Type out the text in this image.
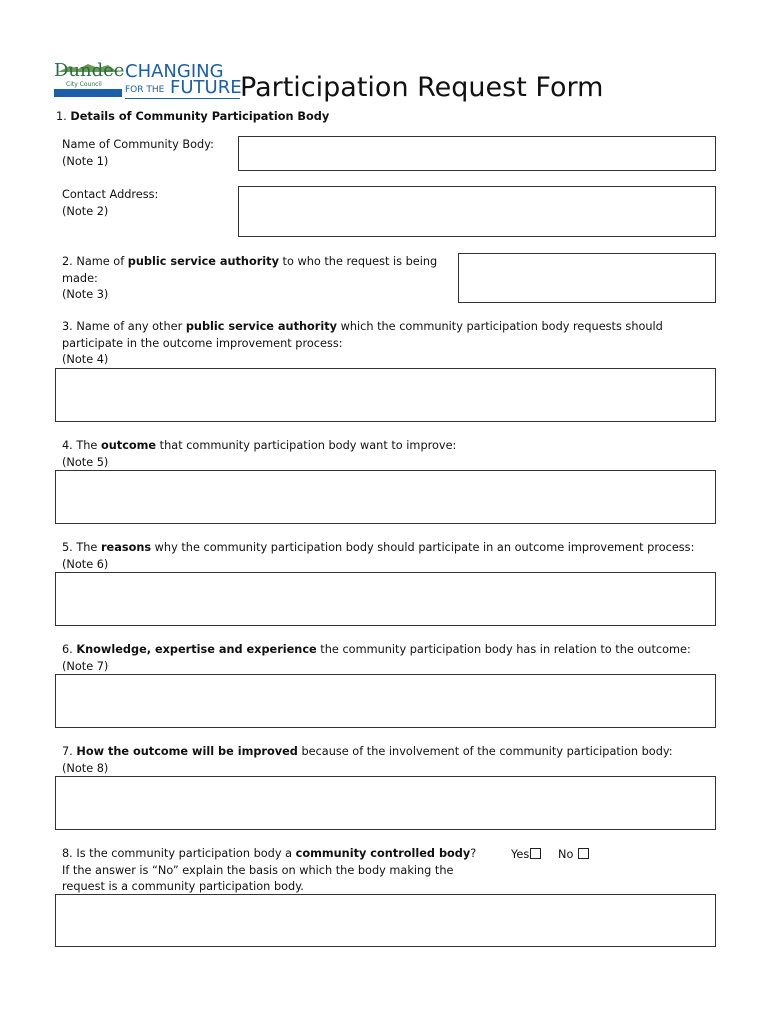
Dundee
City Council
CHANGING
FOR THE FUTURE
Participation Request Form
1. Details of Community Participation Body
Name of Community Body:
(Note 1)
Contact Address:
(Note 2)
2. Name of public service authority to who the request is being
made:
(Note 3)
3. Name of any other public service authority which the community participation body requests should
participate in the outcome improvement process:
(Note 4)
4. The outcome that community participation body want to improve:
(Note 5)
5. The reasons why the community participation body should participate in an outcome improvement process:
(Note 6)
6. Knowledge, expertise and experience the community participation body has in relation to the outcome:
(Note 7)
7. How the outcome will be improved because of the involvement of the community participation body:
(Note 8)
8. Is the community participation body a community controlled body?
If the answer is “No” explain the basis on which the body making the
request is a community participation body.
Yes	No
